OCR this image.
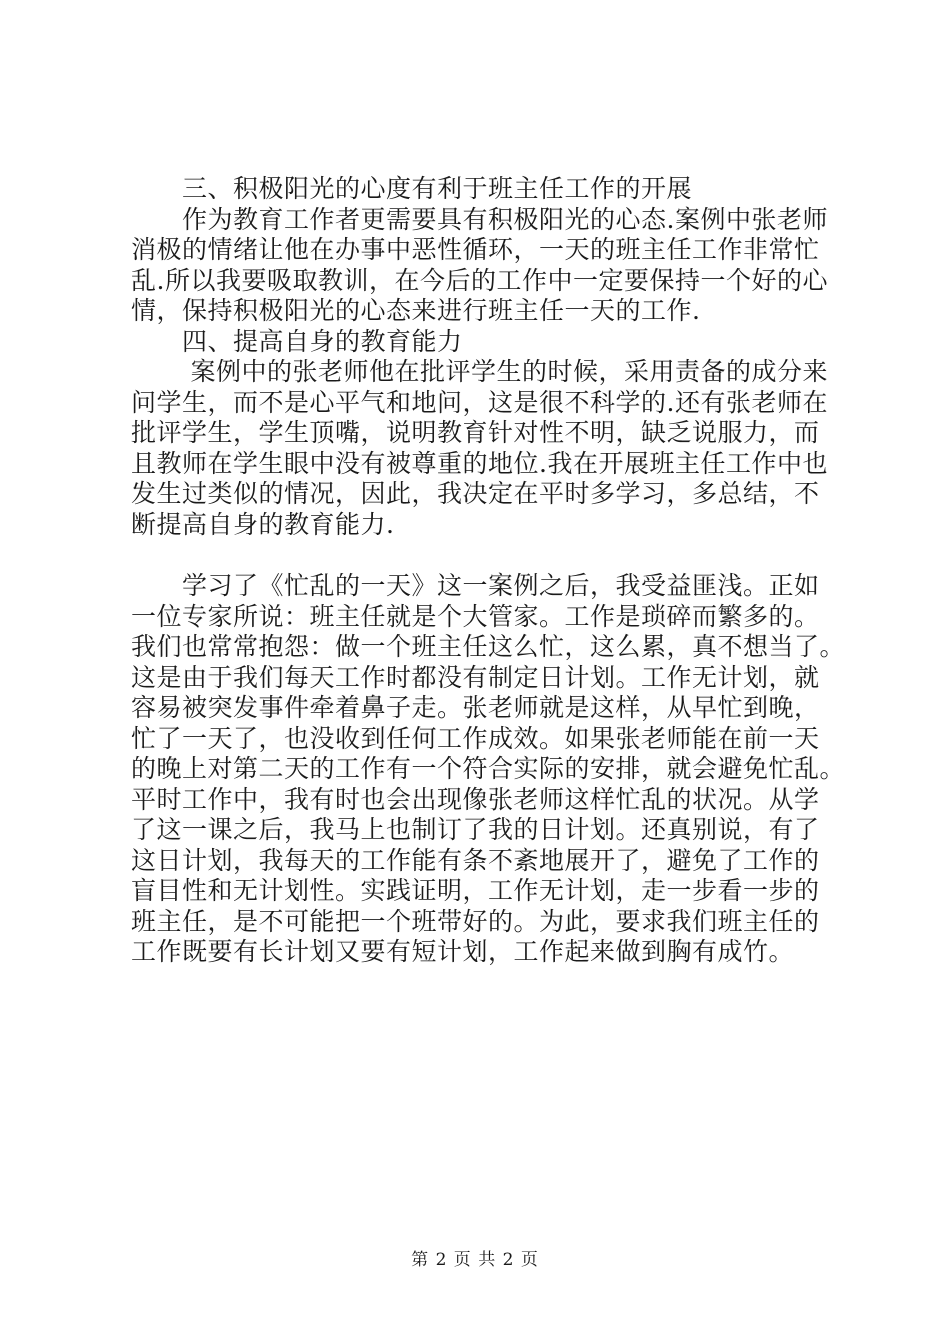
　　三、积极阳光的心度有利于班主任工作的开展
　　作为教育工作者更需要具有积极阳光的心态.案例中张老师
消极的情绪让他在办事中恶性循环，一天的班主任工作非常忙
乱.所以我要吸取教训，在今后的工作中一定要保持一个好的心
情，保持积极阳光的心态来进行班主任一天的工作.
　　四、提高自身的教育能力
　　 案例中的张老师他在批评学生的时候，采用责备的成分来
问学生，而不是心平气和地问，这是很不科学的.还有张老师在
批评学生，学生顶嘴，说明教育针对性不明，缺乏说服力，而
且教师在学生眼中没有被尊重的地位.我在开展班主任工作中也
发生过类似的情况，因此，我决定在平时多学习，多总结，不
断提高自身的教育能力.
　　学习了《忙乱的一天》这一案例之后，我受益匪浅。正如
一位专家所说：班主任就是个大管家。工作是琐碎而繁多的。
我们也常常抱怨：做一个班主任这么忙，这么累，真不想当了。
这是由于我们每天工作时都没有制定日计划。工作无计划，就
容易被突发事件牵着鼻子走。张老师就是这样，从早忙到晚，
忙了一天了，也没收到任何工作成效。如果张老师能在前一天
的晚上对第二天的工作有一个符合实际的安排，就会避免忙乱。
平时工作中，我有时也会出现像张老师这样忙乱的状况。从学
了这一课之后，我马上也制订了我的日计划。还真别说，有了
这日计划，我每天的工作能有条不紊地展开了，避免了工作的
盲目性和无计划性。实践证明，工作无计划，走一步看一步的
班主任，是不可能把一个班带好的。为此，要求我们班主任的
工作既要有长计划又要有短计划，工作起来做到胸有成竹。
第 2 页 共 2 页
